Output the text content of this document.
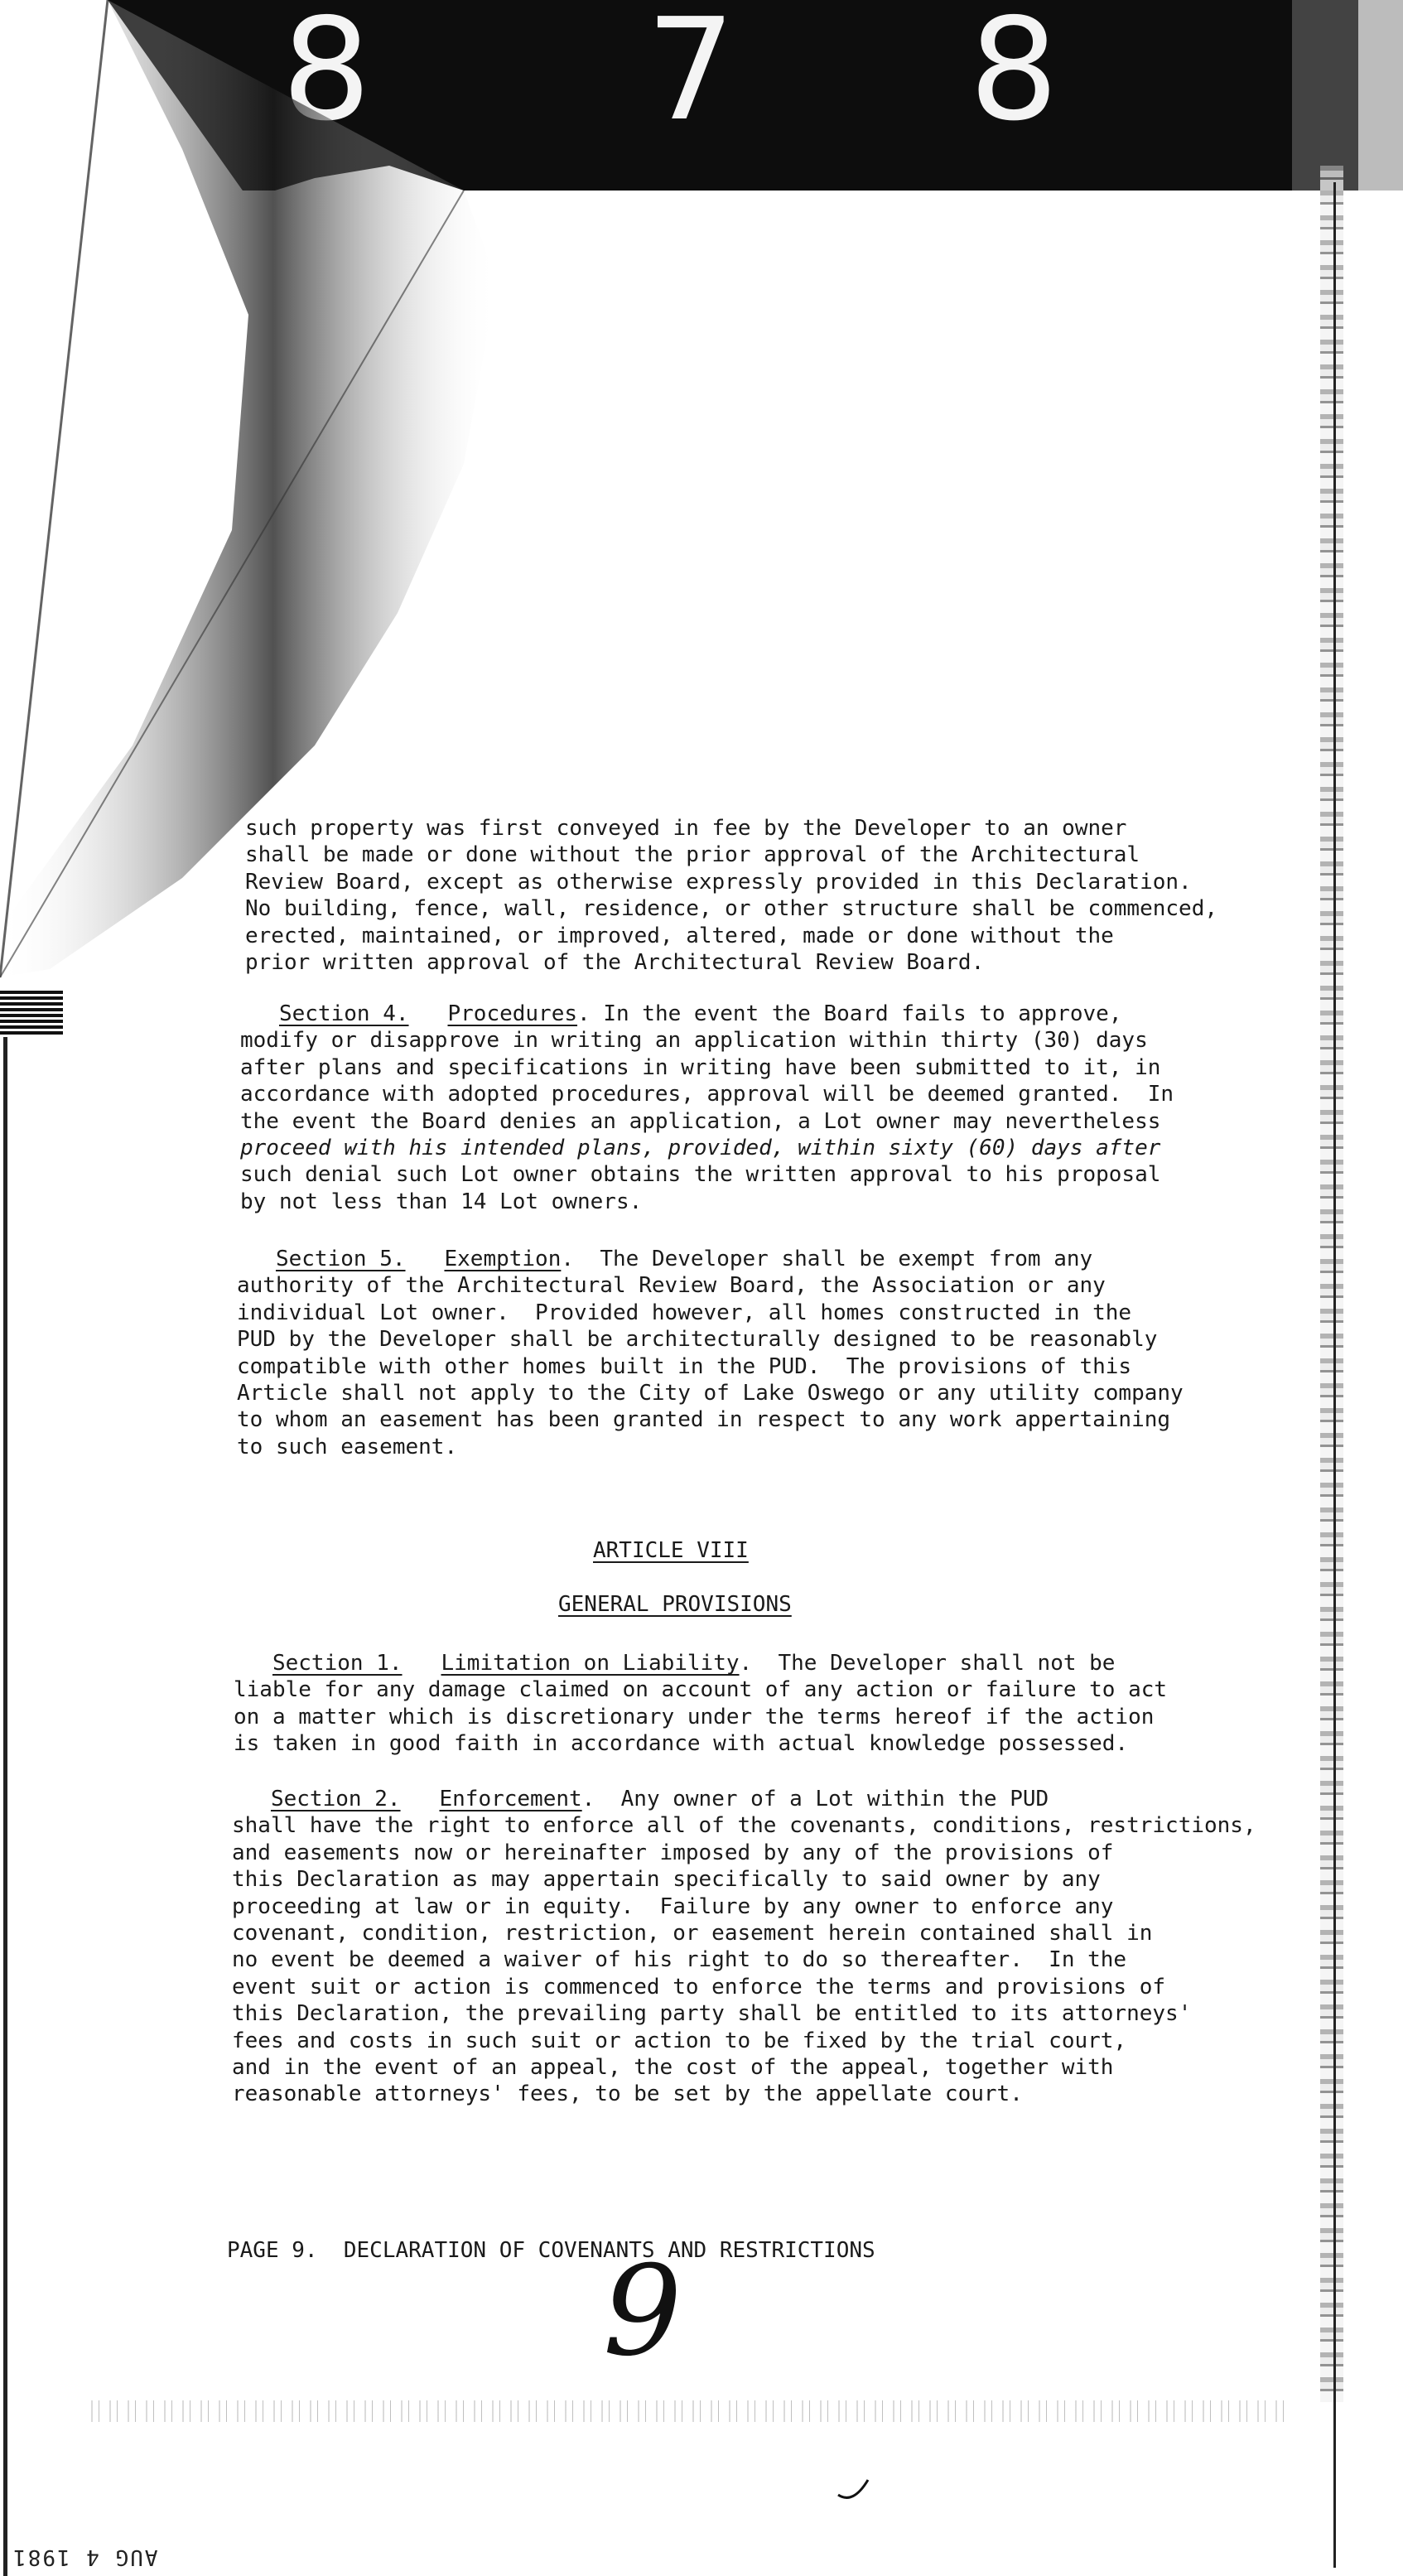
8 7 8
such property was first conveyed in fee by the Developer to an owner
shall be made or done without the prior approval of the Architectural
Review Board, except as otherwise expressly provided in this Declaration.
No building, fence, wall, residence, or other structure shall be commenced,
erected, maintained, or improved, altered, made or done without the
prior written approval of the Architectural Review Board.
Section 4. Procedures. In the event the Board fails to approve,
modify or disapprove in writing an application within thirty (30) days
after plans and specifications in writing have been submitted to it, in
accordance with adopted procedures, approval will be deemed granted.  In
the event the Board denies an application, a Lot owner may nevertheless
proceed with his intended plans, provided, within sixty (60) days after
such denial such Lot owner obtains the written approval to his proposal
by not less than 14 Lot owners.
Section 5. Exemption.  The Developer shall be exempt from any
authority of the Architectural Review Board, the Association or any
individual Lot owner.  Provided however, all homes constructed in the
PUD by the Developer shall be architecturally designed to be reasonably
compatible with other homes built in the PUD.  The provisions of this
Article shall not apply to the City of Lake Oswego or any utility company
to whom an easement has been granted in respect to any work appertaining
to such easement.

ARTICLE VIII

GENERAL PROVISIONS

Section 1. Limitation on Liability.  The Developer shall not be
liable for any damage claimed on account of any action or failure to act
on a matter which is discretionary under the terms hereof if the action
is taken in good faith in accordance with actual knowledge possessed.
Section 2. Enforcement.  Any owner of a Lot within the PUD
shall have the right to enforce all of the covenants, conditions, restrictions,
and easements now or hereinafter imposed by any of the provisions of
this Declaration as may appertain specifically to said owner by any
proceeding at law or in equity.  Failure by any owner to enforce any
covenant, condition, restriction, or easement herein contained shall in
no event be deemed a waiver of his right to do so thereafter.  In the
event suit or action is commenced to enforce the terms and provisions of
this Declaration, the prevailing party shall be entitled to its attorneys'
fees and costs in such suit or action to be fixed by the trial court,
and in the event of an appeal, the cost of the appeal, together with
reasonable attorneys' fees, to be set by the appellate court.
PAGE 9.  DECLARATION OF COVENANTS AND RESTRICTIONS
9
AUG 4 1981
